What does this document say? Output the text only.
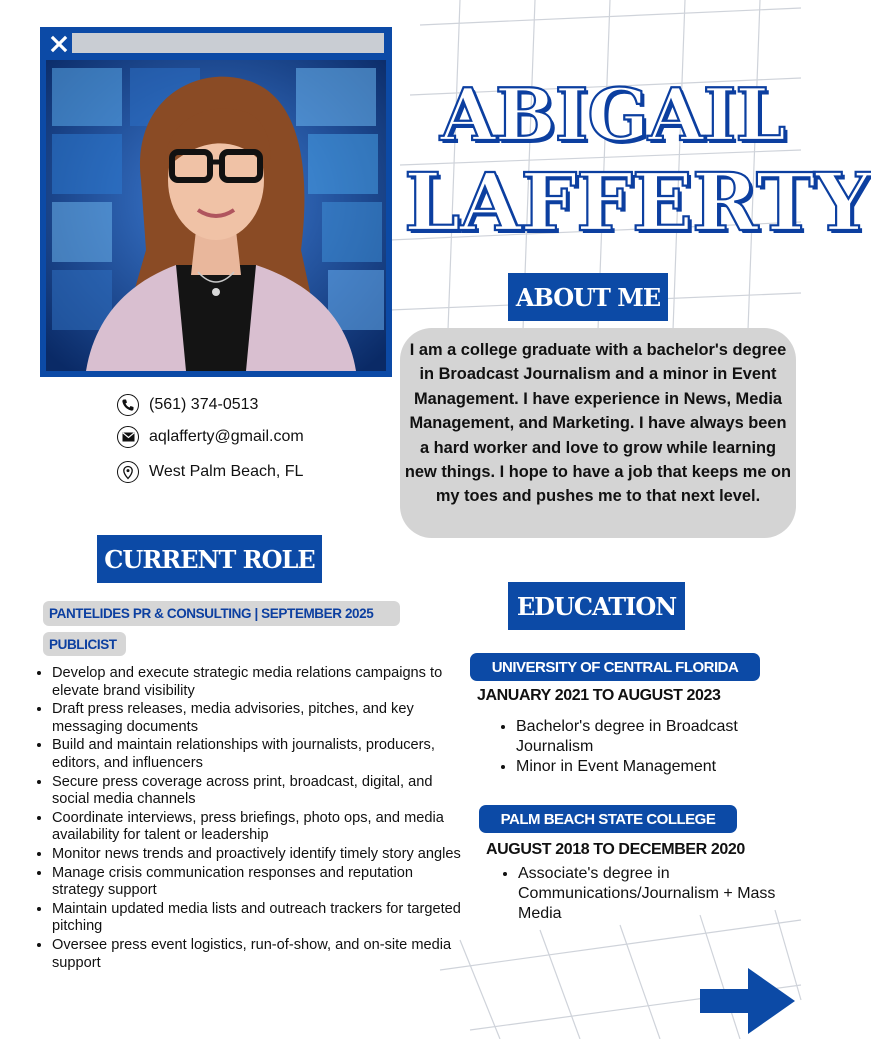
ABIGAIL
LAFFERTY
ABOUT ME
I am a college graduate with a bachelor's degree in Broadcast Journalism and a minor in Event Management. I have experience in News, Media Management, and Marketing. I have always been a hard worker and love to grow while learning new things. I hope to have a job that keeps me on my toes and pushes me to that next level.
(561) 374-0513
aqlafferty@gmail.com
West Palm Beach, FL
CURRENT ROLE
PANTELIDES PR & CONSULTING | SEPTEMBER 2025
PUBLICIST
• Develop and execute strategic media relations campaigns to elevate brand visibility
• Draft press releases, media advisories, pitches, and key messaging documents
• Build and maintain relationships with journalists, producers, editors, and influencers
• Secure press coverage across print, broadcast, digital, and social media channels
• Coordinate interviews, press briefings, photo ops, and media availability for talent or leadership
• Monitor news trends and proactively identify timely story angles
• Manage crisis communication responses and reputation strategy support
• Maintain updated media lists and outreach trackers for targeted pitching
• Oversee press event logistics, run-of-show, and on-site media support
EDUCATION
UNIVERSITY OF CENTRAL FLORIDA
JANUARY 2021 TO AUGUST 2023
• Bachelor's degree in Broadcast Journalism
• Minor in Event Management
PALM BEACH STATE COLLEGE
AUGUST 2018 TO DECEMBER 2020
• Associate's degree in Communications/Journalism + Mass Media
